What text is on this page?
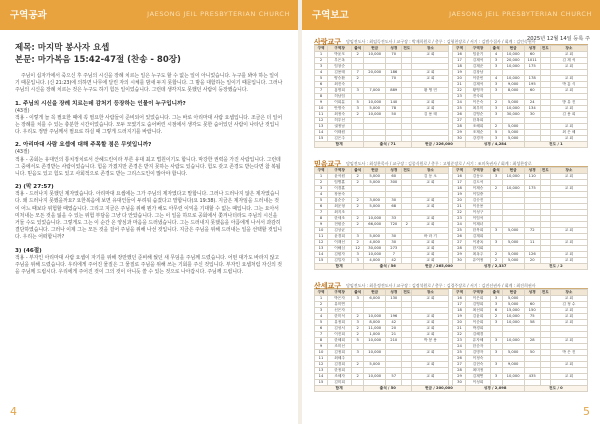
구역공과	JAESONG JEIL PRESBYTERIAN CHURCH
제목: 마지막 봉사자 요셉
본문: 마가복음 15:42-47절 (찬송 - 80장)

주님이 십자가에서 죽으신 후 주님의 시신을 장례 치르는 일은 누구도 할 수 없는 일이 아니었습니다. 누구를 봐야 하는 일이기 때문입니다. (신 21:23)에 의하면 나무에 달린 자의 시체를 밤새 두지 못합니다. 그 밤을 대함하는 일이기 때문입니다. 그러나 주님의 시신을 장례 치르는 것은 누구도 하기 힘든 일이었습니다. 그런데 생각지도 못했던 사람이 등장했습니다.

1. 주님의 시신을 장례 치르는데 감처기 등장하는 인물이 누구입니까?

(43절)

적용 - 이렇게 늘 꼭 필요한 때에 꼭 필요한 사람들이 준비되어 있었습니다. 그는 바로 아리마대 사람 요셉입니다. 조금은 더 일어는 장례를 치를 수 있는 충분한 시간이었습니다. 모두 모였기도 숨어버린 시점에서 생각도 못한 숨어있던 사람이 나타난 것입니다. 우리도 정말 주님께서 필요로 하실 때 그렇게 드러지기를 바랍니다.

2. 아리마대 사람 요셉에 대해 주목할 점은 무엇입니까?

(43절)

적용 - 공회는 유대인의 통치정치로서 산헤드린이라 부른 유대 최고 법원이기도 합니다. 막강한 권력을 가진 사람입니다. 그런데 그 중에서도 존경받는 사람이었습니다. 힘을 가졌지만 존경은 받지 못하는 사람도 있습니다. 힘도 갖고 존경도 받는다면 참 복됩니다. 믿음도 있고 힘도 있고 사회적으로 존경도 받는 그리스도인이 많아야 합니다.

2) (막 27:57)

적용 - 드러나지 못했던 제자였습니다. 아리마대 요셉에는 그가 주님의 제자였다고 말합니다. 그러나 드러나지 않은 제자였습니다. 왜 드러나지 못했을까요? 요한복음에 보면 유대인들이 두려워 숨겼다고 말합니다(요 19:38). 지금은 제자임을 드러내는 것이 어느 때보다 위험할 때였습니다. 그리고 지금은 주님을 위해 뭔가 해도 아무런 이익을 기대할 수 없는 때입니다. 그는 요아서 미처내는 모든 것을 잃을 수 있는 위험 부담을 그냥 다 안았습니다. 그는 이 일을 하므로 공회에서 쫓겨나더라도 주님의 시신을 거둘 수도 있었습니다. 그렇게도 그는 이 순간 온 양심과 마음을 드러냈습니다. 그는 드러내지 못했음을 아픔에게 나서서 과감히 결단하였습니다. 그러나 이제 그는 모든 것을 걸어 주님을 위해 나선 것입니다. 지금은 주님을 위해 드러내는 일을 선택할 것입니다. 우리는 어떠합니까?

3) (46절)

적용 - 부자인 아리마대 사람 요셉이 자기를 위해 장만했던 준비해 뒀던 새 무덤을 주님께 드렸습니다. 어떤 대가도 바라지 않고 주님을 위해 드렸습니다. 우리에게 주어진 물질은 그 물질로 주님을 위해 쓰는 기회를 주신 것입니다. 부자인 요셉처럼 자신의 것을 주님께 드립시다. 우리에게 주어진 것이 그의 것이 아니듯 쓸 수 있는 것으로 나아갑시다. 주님께 드립니다.

4
구역보고	JAESONG JEIL PRESBYTERIAN CHURCH
2025년 12월 14일 등록 주
사랑교구 담임전도사 : 최임득전도사 / 교구장 : 박재희원로 / 총무 : 김형천장로 / 서기 : 김범수집사 / 회계 : 김인숙권사
구역	구역장	출석	헌금	성경	전도	장소		구역	구역장	출석	헌금	성경	전도	장소
1	박윤모	2	10,000	70		교 회		16	임윤기	4	10,000	60		교 회
2	우은옥							17	김재석	3	20,000	1011		김 재 석
3	임창순							18	김재준	3	10,000	175		교 회
4	김용태	7	20,000	186		교 회		19	김창남					
5	양승환	2		70		교 회		20	이한빈	4	10,000	178		교 회
6	최진숙							21	김재석	3	9,000	195		박 흥 식
7	홍명희	3	7,000	889		황 영 민		22	황영자	3	8,000	60		교 회
8	허남임							23	전숙희					
9	이희분	5	10,000	140		교 회		24	이은숙	2	5,000	24		방 유 진
10	안명숙	3	5,000	78		교 회		25	최우미	3	10,000	134		교 회
11	최정숙	2	10,000	50		김 용 태		26	김영순	3	30,000	30		김 용 희
12	허우선							27	한복희					
13	권정남							28	조혜희	2	5,000			교 회
14	이태원							29	조재순	5	5,000			최 은 혜
15	김은주							30	강경자	3	5,000			교 회
합계			출석 / 71			헌금 / 226,000			성경 / 4,284			전도 / 1		
믿음교구 담임전도사 : 최성찬목사 / 교구장 : 김종식원로 / 총무 : 고영준장로 / 서기 : 조미옥권사 / 회계 : 최성찬장로
구역	구역장	출석	헌금	성경	전도	장소		구역	구역장	출석	헌금	성경	전도	장소
1	윤석원	2	5,000	60		김 동 오		16	김동오	3	10,000	110		교 회
2	임병훈	2	5,000	300		교 회		17	김도석					
3	이경훈							18	이재승	2	10,000	175		교 회
4	장용숙							19	이일중					
5	홍순승	2	3,000	30		교 회		20	김승진					
6	최운형	2	5,000	68		교 회		21	이운용					
7	최지조							22	이성구					
8	한세조	2	10,000	33		교 회		23	이임석					
9	전원순	2	66,000	720	2	교 회		24	이재녀					
10	김상균							25	한목희	3	5,000	72		교 회
11	윤경희	3	5,000	30		바 라 기		26	김계희					
12	이재선	2	4,000	30		교 회		27	이광옥	3	5,000	11		교 회
13	이해심	12	30,000	273		교 회		28	한지회					
14	김원자	3	10,000	7		교 회		29	최옥주	2	5,000	126		교 회
15	김일자	3	4,000	42		교 회		30	유여정	2	5,000	20		교 회
합계			출석 / 56			헌금 / 265,000			성경 / 2,337			전도 / 2		
산세교구 담임전도사 : 최운정전도사 / 교구장 : 김정석원로 / 총무 : 김경주장로 / 서기 : 김진선권사 / 회계 : 최진희권사
구역	구역장	출석	헌금	성경	전도	장소		구역	구역장	출석	헌금	성경	전도	장소
1	박은자	3	6,000	130		교 회		16	이은희	3	5,000			교 회
2	유미연							17	김영희	3	5,000	60		김 정 수
3	신은자							18	최선희	6	15,000	150		교 회
4	한미석	2	10,000	196		교 회		19	김윤희	2	10,000	75		교 회
5	유정희	3	8,000	42		교 회		20	이순희	3	10,000	58		교 회
6	김성서	2	11,000	20		교 회		21	박경희					
7	이진희	2	1,000	21		교 회		22	김혜경					
8	한혜희	5	10,000	210		박 봉 용		23	유자혜	3	10,000	28		교 회
9	조미선							24	한순자					
10	김정희	3	10,000			교 회		25	김명자	3	5,000	50		박 은 진
11	최혜주							26	이정숙					
12	김경희	2	5,000			교 회		27	김현숙	3	9,000			교 회
13	한정희							28	최미정					
14	조혜자	2	10,000	57		교 회		29	김재연	3	10,000	435		교 회
15	김미희							30	이성희					
합계			출석 / 50			헌금 / 200,000			성경 / 2,098			전도 / 0		
5
